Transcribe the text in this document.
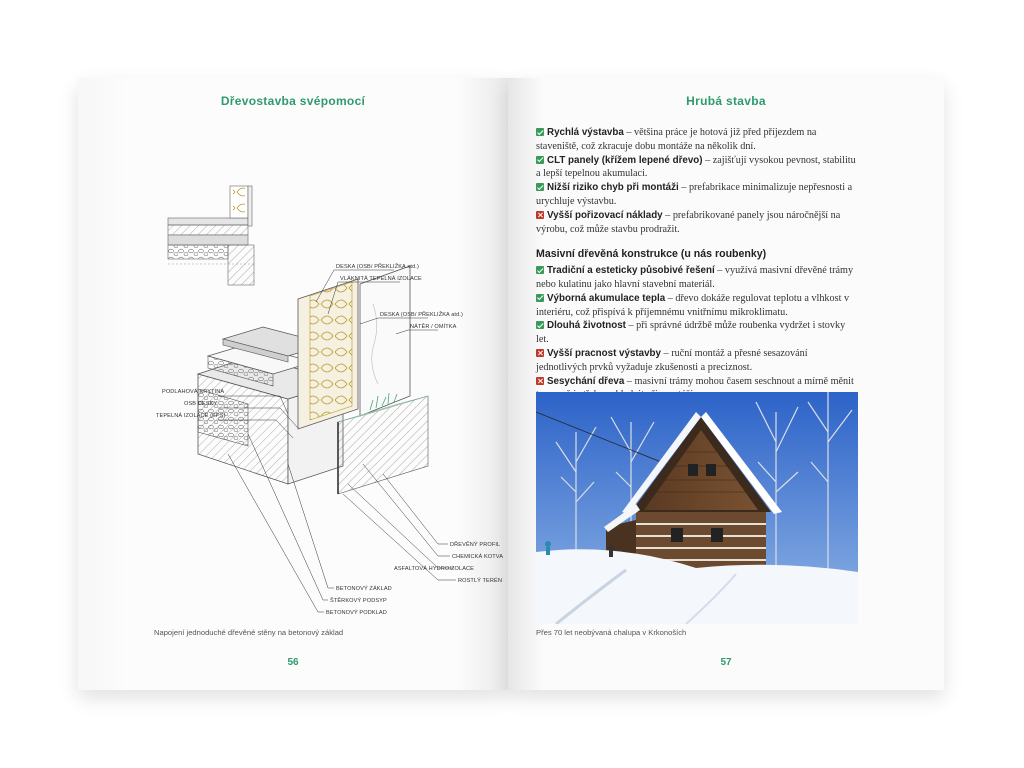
Dřevostavba svépomocí
DESKA (OSB/ PŘEKLIŽKA atd.)
VLÁKNITÁ TEPELNÁ IZOLACE
DESKA (OSB/ PŘEKLIŽKA atd.)
NÁTĚR / OMÍTKA
PODLAHOVÁ KRYTINA
OSB DESKY
TEPELNÁ IZOLACE (EPS)
DŘEVĚNÝ PROFIL
CHEMICKÁ KOTVA
ASFALTOVÁ HYDROIZOLACE
ROSTLÝ TERÉN
BETONOVÝ ZÁKLAD
ŠTĚRKOVÝ PODSYP
BETONOVÝ PODKLAD
Napojení jednoduché dřevěné stěny na betonový základ
56
Hrubá stavba

Rychlá výstavba – většina práce je hotová již před příjezdem na staveniště, což zkracuje dobu montáže na několik dní.

CLT panely (křížem lepené dřevo) – zajišťují vysokou pevnost, stabilitu a lepší tepelnou akumulaci.

Nižší riziko chyb při montáži – prefabrikace minimalizuje nepřesnosti a urychluje výstavbu.

Vyšší pořizovací náklady – prefabrikované panely jsou náročnější na výrobu, což může stavbu prodražit.

Masivní dřevěná konstrukce (u nás roubenky)

Tradiční a esteticky působivé řešení – využívá masivní dřevěné trámy nebo kulatinu jako hlavní stavební materiál.

Výborná akumulace tepla – dřevo dokáže regulovat teplotu a vlhkost v interiéru, což přispívá k příjemnému vnitřnímu mikroklimatu.

Dlouhá životnost – při správné údržbě může roubenka vydržet i stovky let.

Vyšší pracnost výstavby – ruční montáž a přesné sesazování jednotlivých prvků vyžaduje zkušenosti a preciznost.

Sesychání dřeva – masivní trámy mohou časem seschnout a mírně měnit

Přes 70 let neobývaná chalupa v Krkonoších
57
